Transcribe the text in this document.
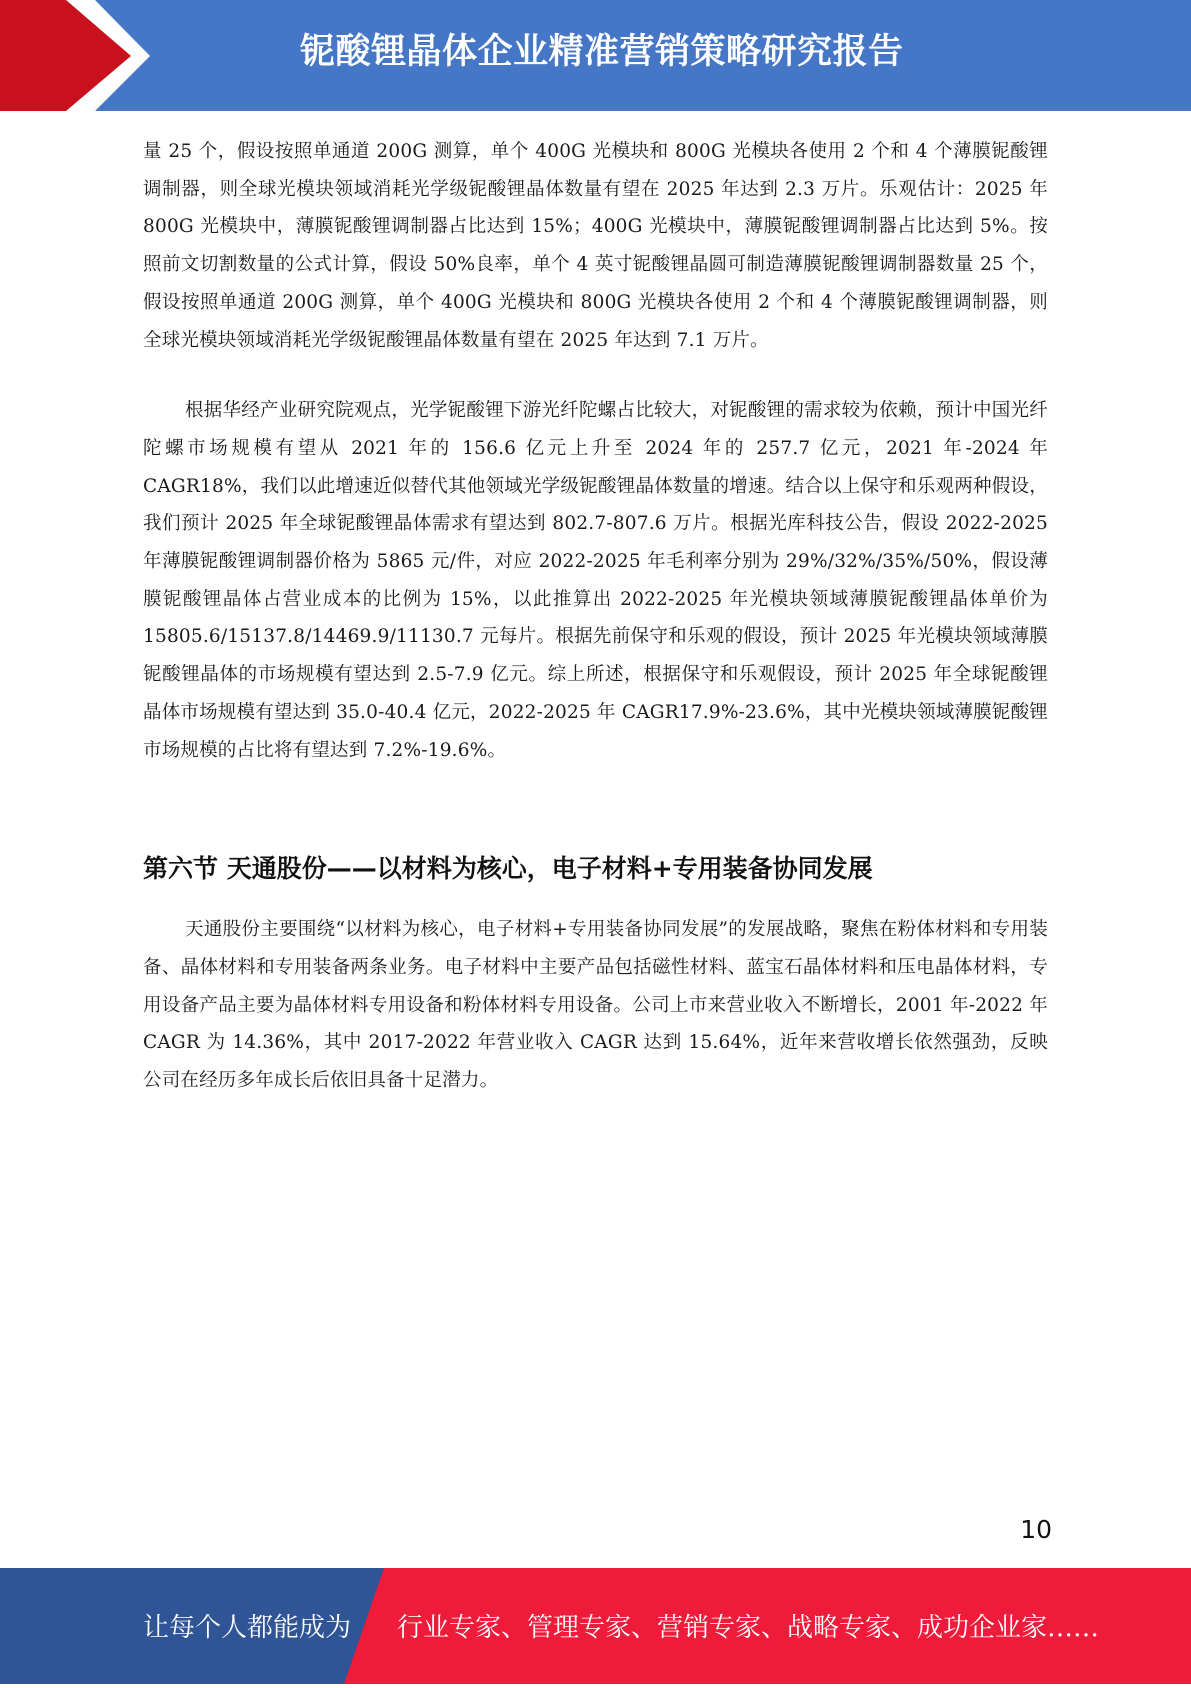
铌酸锂晶体企业精准营销策略研究报告

量 25 个，假设按照单通道 200G 测算，单个 400G 光模块和 800G 光模块各使用 2 个和 4 个薄膜铌酸锂调制器，则全球光模块领域消耗光学级铌酸锂晶体数量有望在 2025 年达到 2.3 万片。乐观估计：2025 年 800G 光模块中，薄膜铌酸锂调制器占比达到 15%；400G 光模块中，薄膜铌酸锂调制器占比达到 5%。按照前文切割数量的公式计算，假设 50%良率，单个 4 英寸铌酸锂晶圆可制造薄膜铌酸锂调制器数量 25 个，假设按照单通道 200G 测算，单个 400G 光模块和 800G 光模块各使用 2 个和 4 个薄膜铌酸锂调制器，则全球光模块领域消耗光学级铌酸锂晶体数量有望在 2025 年达到 7.1 万片。

根据华经产业研究院观点，光学铌酸锂下游光纤陀螺占比较大，对铌酸锂的需求较为依赖，预计中国光纤陀螺市场规模有望从 2021 年的 156.6 亿元上升至 2024 年的 257.7 亿元，2021 年-2024 年 CAGR18%，我们以此增速近似替代其他领域光学级铌酸锂晶体数量的增速。结合以上保守和乐观两种假设，我们预计 2025 年全球铌酸锂晶体需求有望达到 802.7-807.6 万片。根据光库科技公告，假设 2022-2025 年薄膜铌酸锂调制器价格为 5865 元/件，对应 2022-2025 年毛利率分别为 29%/32%/35%/50%，假设薄膜铌酸锂晶体占营业成本的比例为 15%，以此推算出 2022-2025 年光模块领域薄膜铌酸锂晶体单价为 15805.6/15137.8/14469.9/11130.7 元每片。根据先前保守和乐观的假设，预计 2025 年光模块领域薄膜铌酸锂晶体的市场规模有望达到 2.5-7.9 亿元。综上所述，根据保守和乐观假设，预计 2025 年全球铌酸锂晶体市场规模有望达到 35.0-40.4 亿元，2022-2025 年 CAGR17.9%-23.6%，其中光模块领域薄膜铌酸锂市场规模的占比将有望达到 7.2%-19.6%。

第六节 天通股份——以材料为核心，电子材料+专用装备协同发展

天通股份主要围绕“以材料为核心，电子材料+专用装备协同发展”的发展战略，聚焦在粉体材料和专用装备、晶体材料和专用装备两条业务。电子材料中主要产品包括磁性材料、蓝宝石晶体材料和压电晶体材料，专用设备产品主要为晶体材料专用设备和粉体材料专用设备。公司上市来营业收入不断增长，2001 年-2022 年 CAGR 为 14.36%，其中 2017-2022 年营业收入 CAGR 达到 15.64%，近年来营收增长依然强劲，反映公司在经历多年成长后依旧具备十足潜力。

10
让每个人都能成为 行业专家、管理专家、营销专家、战略专家、成功企业家……
